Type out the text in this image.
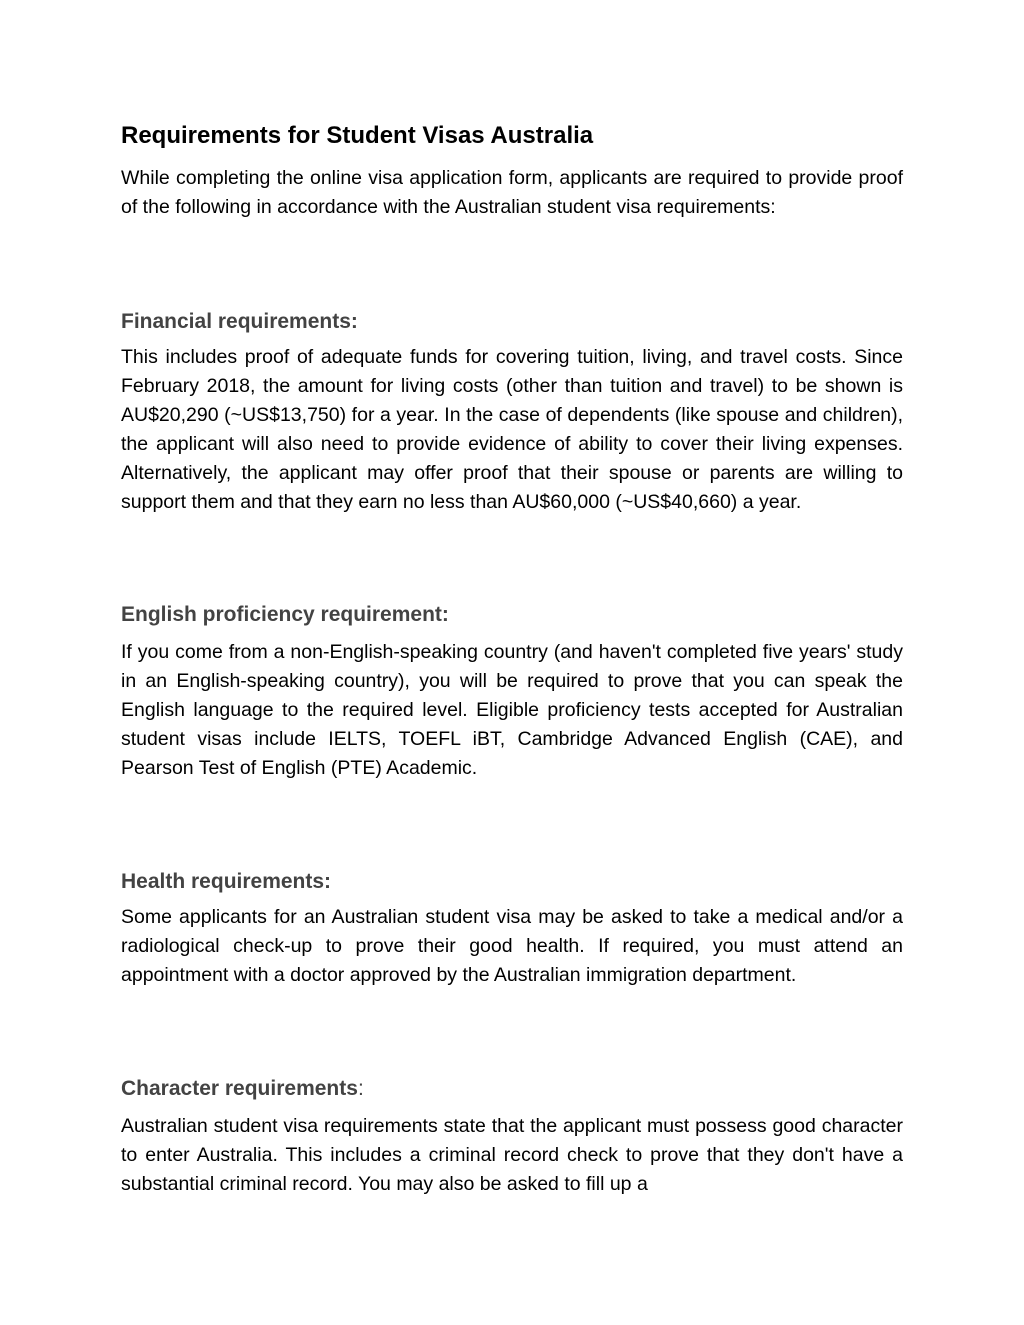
Requirements for Student Visas Australia

While completing the online visa application form, applicants are required to provide proof of the following in accordance with the Australian student visa requirements:

Financial requirements:

This includes proof of adequate funds for covering tuition, living, and travel costs. Since February 2018, the amount for living costs (other than tuition and travel) to be shown is AU$20,290 (~US$13,750) for a year. In the case of dependents (like spouse and children), the applicant will also need to provide evidence of ability to cover their living expenses. Alternatively, the applicant may offer proof that their spouse or parents are willing to support them and that they earn no less than AU$60,000 (~US$40,660) a year.

English proficiency requirement:

If you come from a non-English-speaking country (and haven't completed five years' study in an English-speaking country), you will be required to prove that you can speak the English language to the required level. Eligible proficiency tests accepted for Australian student visas include IELTS, TOEFL iBT, Cambridge Advanced English (CAE), and Pearson Test of English (PTE) Academic.

Health requirements:

Some applicants for an Australian student visa may be asked to take a medical and/or a radiological check-up to prove their good health. If required, you must attend an appointment with a doctor approved by the Australian immigration department.

Character requirements:

Australian student visa requirements state that the applicant must possess good character to enter Australia. This includes a criminal record check to prove that they don't have a substantial criminal record. You may also be asked to fill up a
